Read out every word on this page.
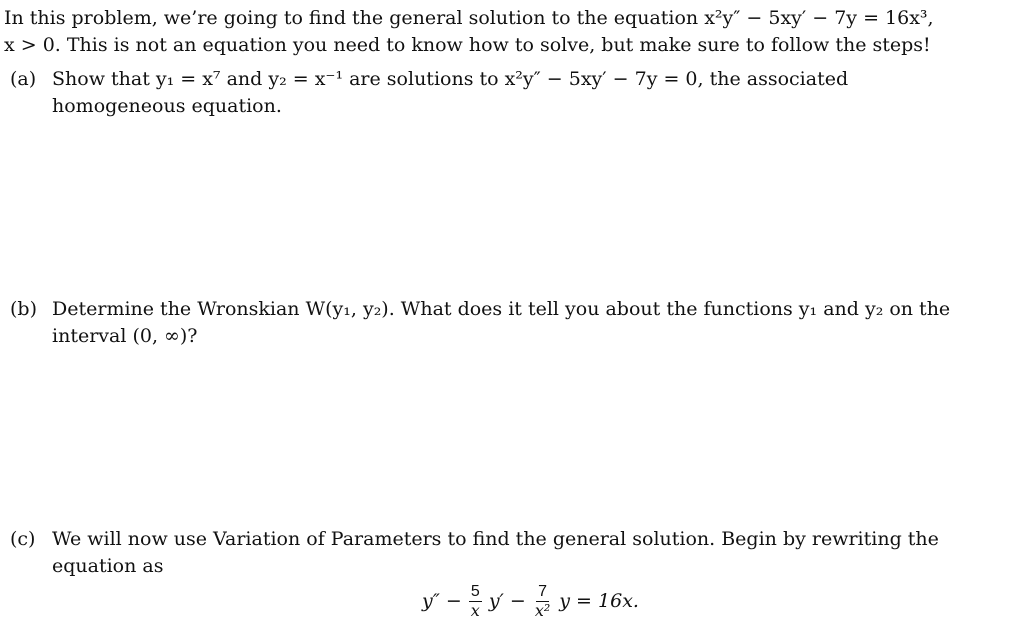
In this problem, we’re going to find the general solution to the equation x²y″ − 5xy′ − 7y = 16x³,
x > 0. This is not an equation you need to know how to solve, but make sure to follow the steps!
(a) Show that y₁ = x⁷ and y₂ = x⁻¹ are solutions to x²y″ − 5xy′ − 7y = 0, the associated
homogeneous equation.
(b) Determine the Wronskian W(y₁, y₂). What does it tell you about the functions y₁ and y₂ on the
interval (0, ∞)?
(c) We will now use Variation of Parameters to find the general solution. Begin by rewriting the
equation as
$y'' - \frac{5}{x} y' - \frac{7}{\text{x²}}$ y = 16x.
